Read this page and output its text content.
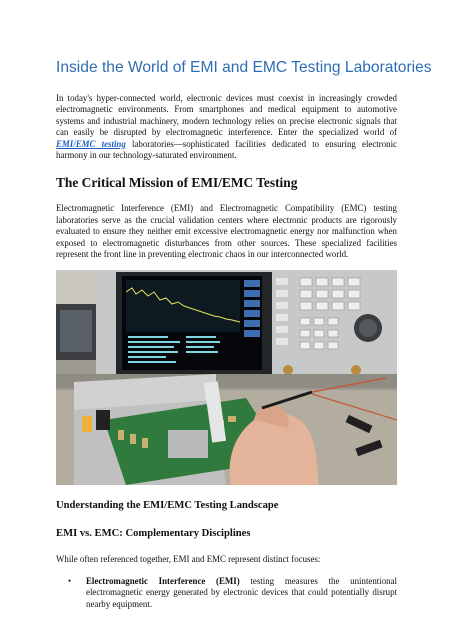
Inside the World of EMI and EMC Testing Laboratories

In today's hyper-connected world, electronic devices must coexist in increasingly crowded electromagnetic environments. From smartphones and medical equipment to automotive systems and industrial machinery, modern technology relies on precise electronic signals that can easily be disrupted by electromagnetic interference. Enter the specialized world of EMI/EMC testing laboratories—sophisticated facilities dedicated to ensuring electronic harmony in our technology-saturated environment.

The Critical Mission of EMI/EMC Testing

Electromagnetic Interference (EMI) and Electromagnetic Compatibility (EMC) testing laboratories serve as the crucial validation centers where electronic products are rigorously evaluated to ensure they neither emit excessive electromagnetic energy nor malfunction when exposed to electromagnetic disturbances from other sources. These specialized facilities represent the front line in preventing electronic chaos in our interconnected world.

Understanding the EMI/EMC Testing Landscape
EMI vs. EMC: Complementary Disciplines

While often referenced together, EMI and EMC represent distinct focuses:

• Electromagnetic Interference (EMI) testing measures the unintentional electromagnetic energy generated by electronic devices that could potentially disrupt nearby equipment.
